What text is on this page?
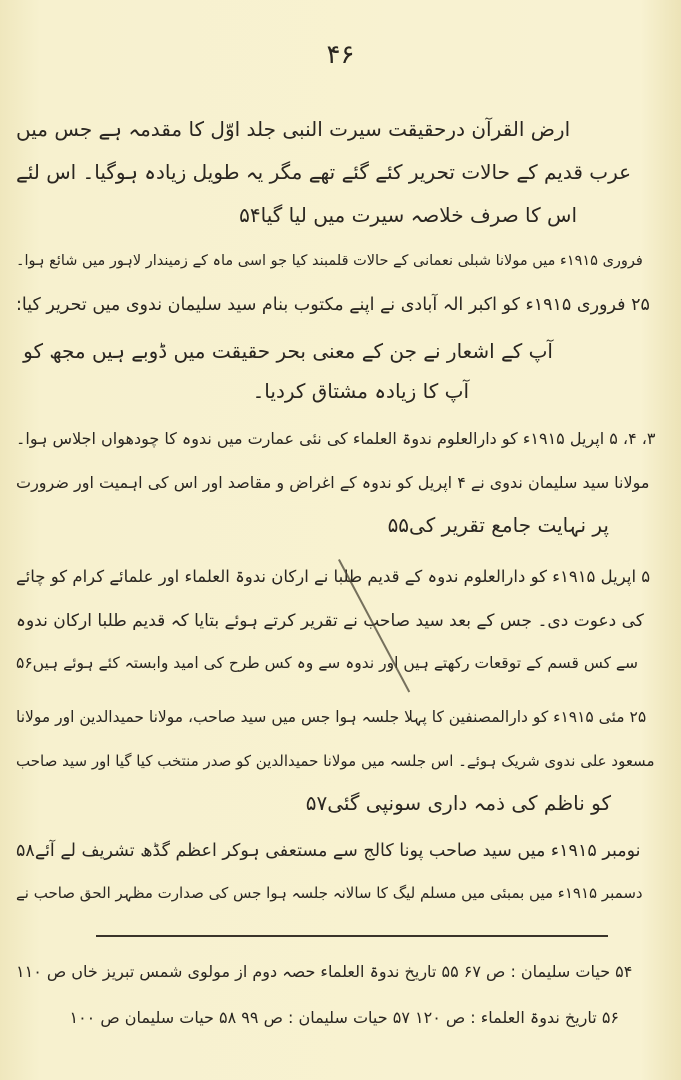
۴۶
ارض القرآن درحقیقت سیرت النبی جلد اوّل کا مقدمہ ہے جس میں
عرب قدیم کے حالات تحریر کئے گئے تھے مگر یہ طویل زیادہ ہوگیا۔ اس لئے
اس کا صرف خلاصہ سیرت میں لیا گیا۵۴
فروری ۱۹۱۵ء میں مولانا شبلی نعمانی کے حالات قلمبند کیا جو اسی ماہ کے زمیندار لاہور میں شائع ہوا۔
۲۵ فروری ۱۹۱۵ء کو اکبر الہ آبادی نے اپنے مکتوب بنام سید سلیمان ندوی میں تحریر کیا:
آپ کے اشعار نے جن کے معنی بحر حقیقت میں ڈوبے ہیں مجھ کو
آپ کا زیادہ مشتاق کردیا۔
۳، ۴، ۵ اپریل ۱۹۱۵ء کو دارالعلوم ندوۃ العلماء کی نئی عمارت میں ندوہ کا چودھواں اجلاس ہوا۔
مولانا سید سلیمان ندوی نے ۴ اپریل کو ندوہ کے اغراض و مقاصد اور اس کی اہمیت اور ضرورت
پر نہایت جامع تقریر کی۵۵
۵ اپریل ۱۹۱۵ء کو دارالعلوم ندوہ کے قدیم طلبا نے ارکان ندوۃ العلماء اور علمائے کرام کو چائے
کی دعوت دی۔ جس کے بعد سید صاحب نے تقریر کرتے ہوئے بتایا کہ قدیم طلبا ارکان ندوہ
سے کس قسم کے توقعات رکھتے ہیں اور ندوہ سے وہ کس طرح کی امید وابستہ کئے ہوئے ہیں۵۶
۲۵ مئی ۱۹۱۵ء کو دارالمصنفین کا پہلا جلسہ ہوا جس میں سید صاحب، مولانا حمیدالدین اور مولانا
مسعود علی ندوی شریک ہوئے۔ اس جلسہ میں مولانا حمیدالدین کو صدر منتخب کیا گیا اور سید صاحب
کو ناظم کی ذمہ داری سونپی گئی۵۷
نومبر ۱۹۱۵ء میں سید صاحب پونا کالج سے مستعفی ہوکر اعظم گڈھ تشریف لے آئے۵۸
دسمبر ۱۹۱۵ء میں بمبئی میں مسلم لیگ کا سالانہ جلسہ ہوا جس کی صدارت مظہر الحق صاحب نے
۵۴ حیات سلیمان : ص ۶۷ ۵۵ تاریخ ندوۃ العلماء حصہ دوم از مولوی شمس تبریز خاں ص ۱۱۰
۵۶ تاریخ ندوۃ العلماء : ص ۱۲۰ ۵۷ حیات سلیمان : ص ۹۹ ۵۸ حیات سلیمان ص ۱۰۰
